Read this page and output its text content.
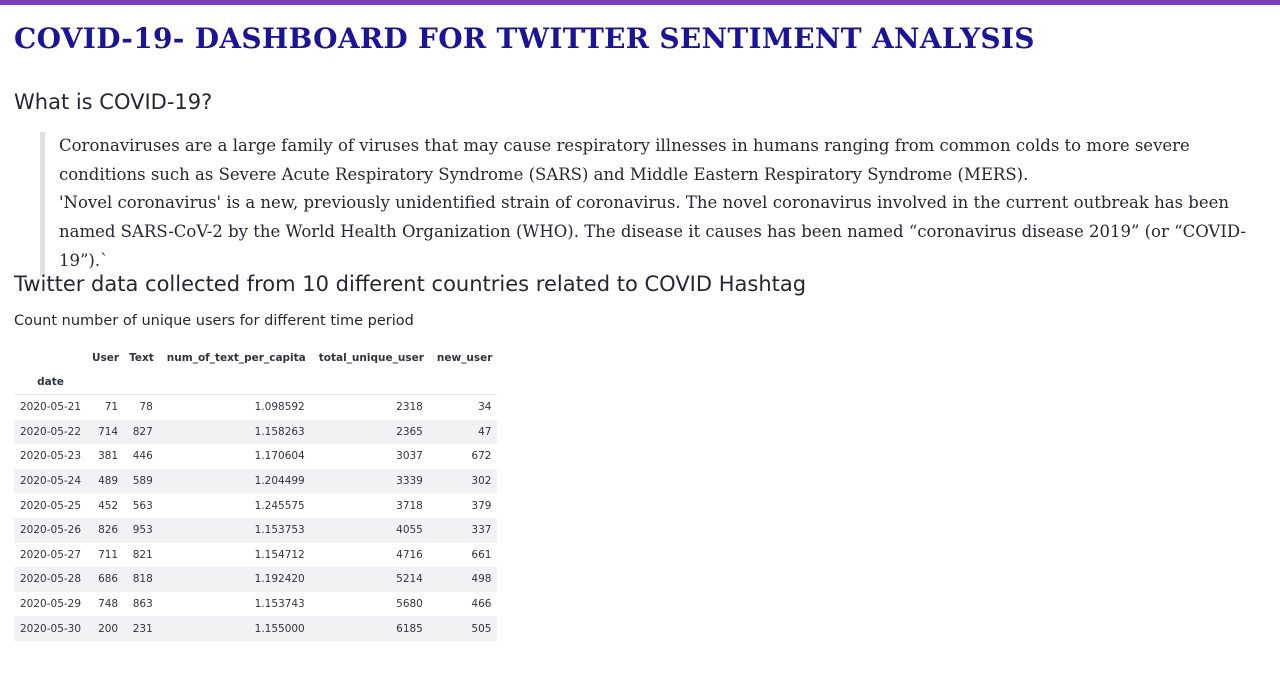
COVID-19- DASHBOARD FOR TWITTER SENTIMENT ANALYSIS
What is COVID-19?

Coronaviruses are a large family of viruses that may cause respiratory illnesses in humans ranging from common colds to more severe conditions such as Severe Acute Respiratory Syndrome (SARS) and Middle Eastern Respiratory Syndrome (MERS).

'Novel coronavirus' is a new, previously unidentified strain of coronavirus. The novel coronavirus involved in the current outbreak has been named SARS-CoV-2 by the World Health Organization (WHO). The disease it causes has been named “coronavirus disease 2019” (or “COVID-19”).`

Twitter data collected from 10 different countries related to COVID Hashtag

Count number of unique users for different time period

	User	Text	num_of_text_per_capita	total_unique_user	new_user
date					
2020-05-21	71	78	1.098592	2318	34
2020-05-22	714	827	1.158263	2365	47
2020-05-23	381	446	1.170604	3037	672
2020-05-24	489	589	1.204499	3339	302
2020-05-25	452	563	1.245575	3718	379
2020-05-26	826	953	1.153753	4055	337
2020-05-27	711	821	1.154712	4716	661
2020-05-28	686	818	1.192420	5214	498
2020-05-29	748	863	1.153743	5680	466
2020-05-30	200	231	1.155000	6185	505
